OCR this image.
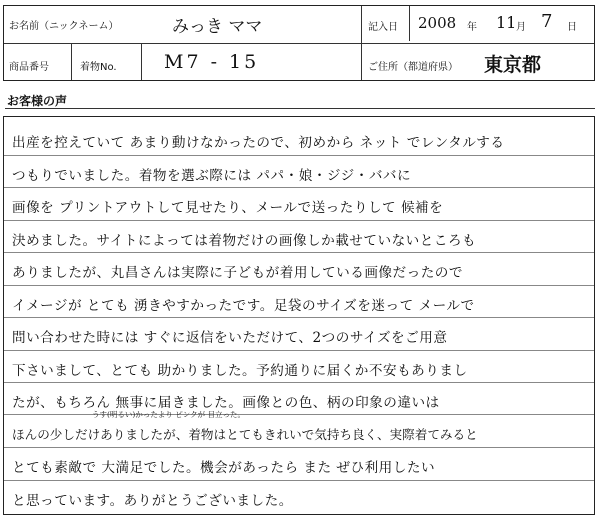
お名前（ニックネーム）	みっき ママ	記入日 2008 年 11 月 7 日
商品番号	着物No. M7 - 15	ご住所（都道府県） 東京都
お客様の声
出産を控えていて あまり動けなかったので、初めから ネット でレンタルする
つもりでいました。着物を選ぶ際には パパ・娘・ジジ・ババに
画像を プリントアウトして見せたり、メールで送ったりして 候補を
決めました。サイトによっては着物だけの画像しか載せていないところも
ありましたが、丸昌さんは実際に子どもが着用している画像だったので
イメージが とても 湧きやすかったです。足袋のサイズを迷って メールで
問い合わせた時には すぐに返信をいただけて、2つのサイズをご用意
下さいまして、とても 助かりました。予約通りに届くか不安もありまし
たが、もちろん 無事に届きました。画像との色、柄の印象の違いは
うす(明るい)かったより ピンクが 目立った。
ほんの少しだけありましたが、着物はとてもきれいで気持ち良く、実際着てみると
とても素敵で 大満足でした。機会があったら また ぜひ利用したい
と思っています。ありがとうございました。
